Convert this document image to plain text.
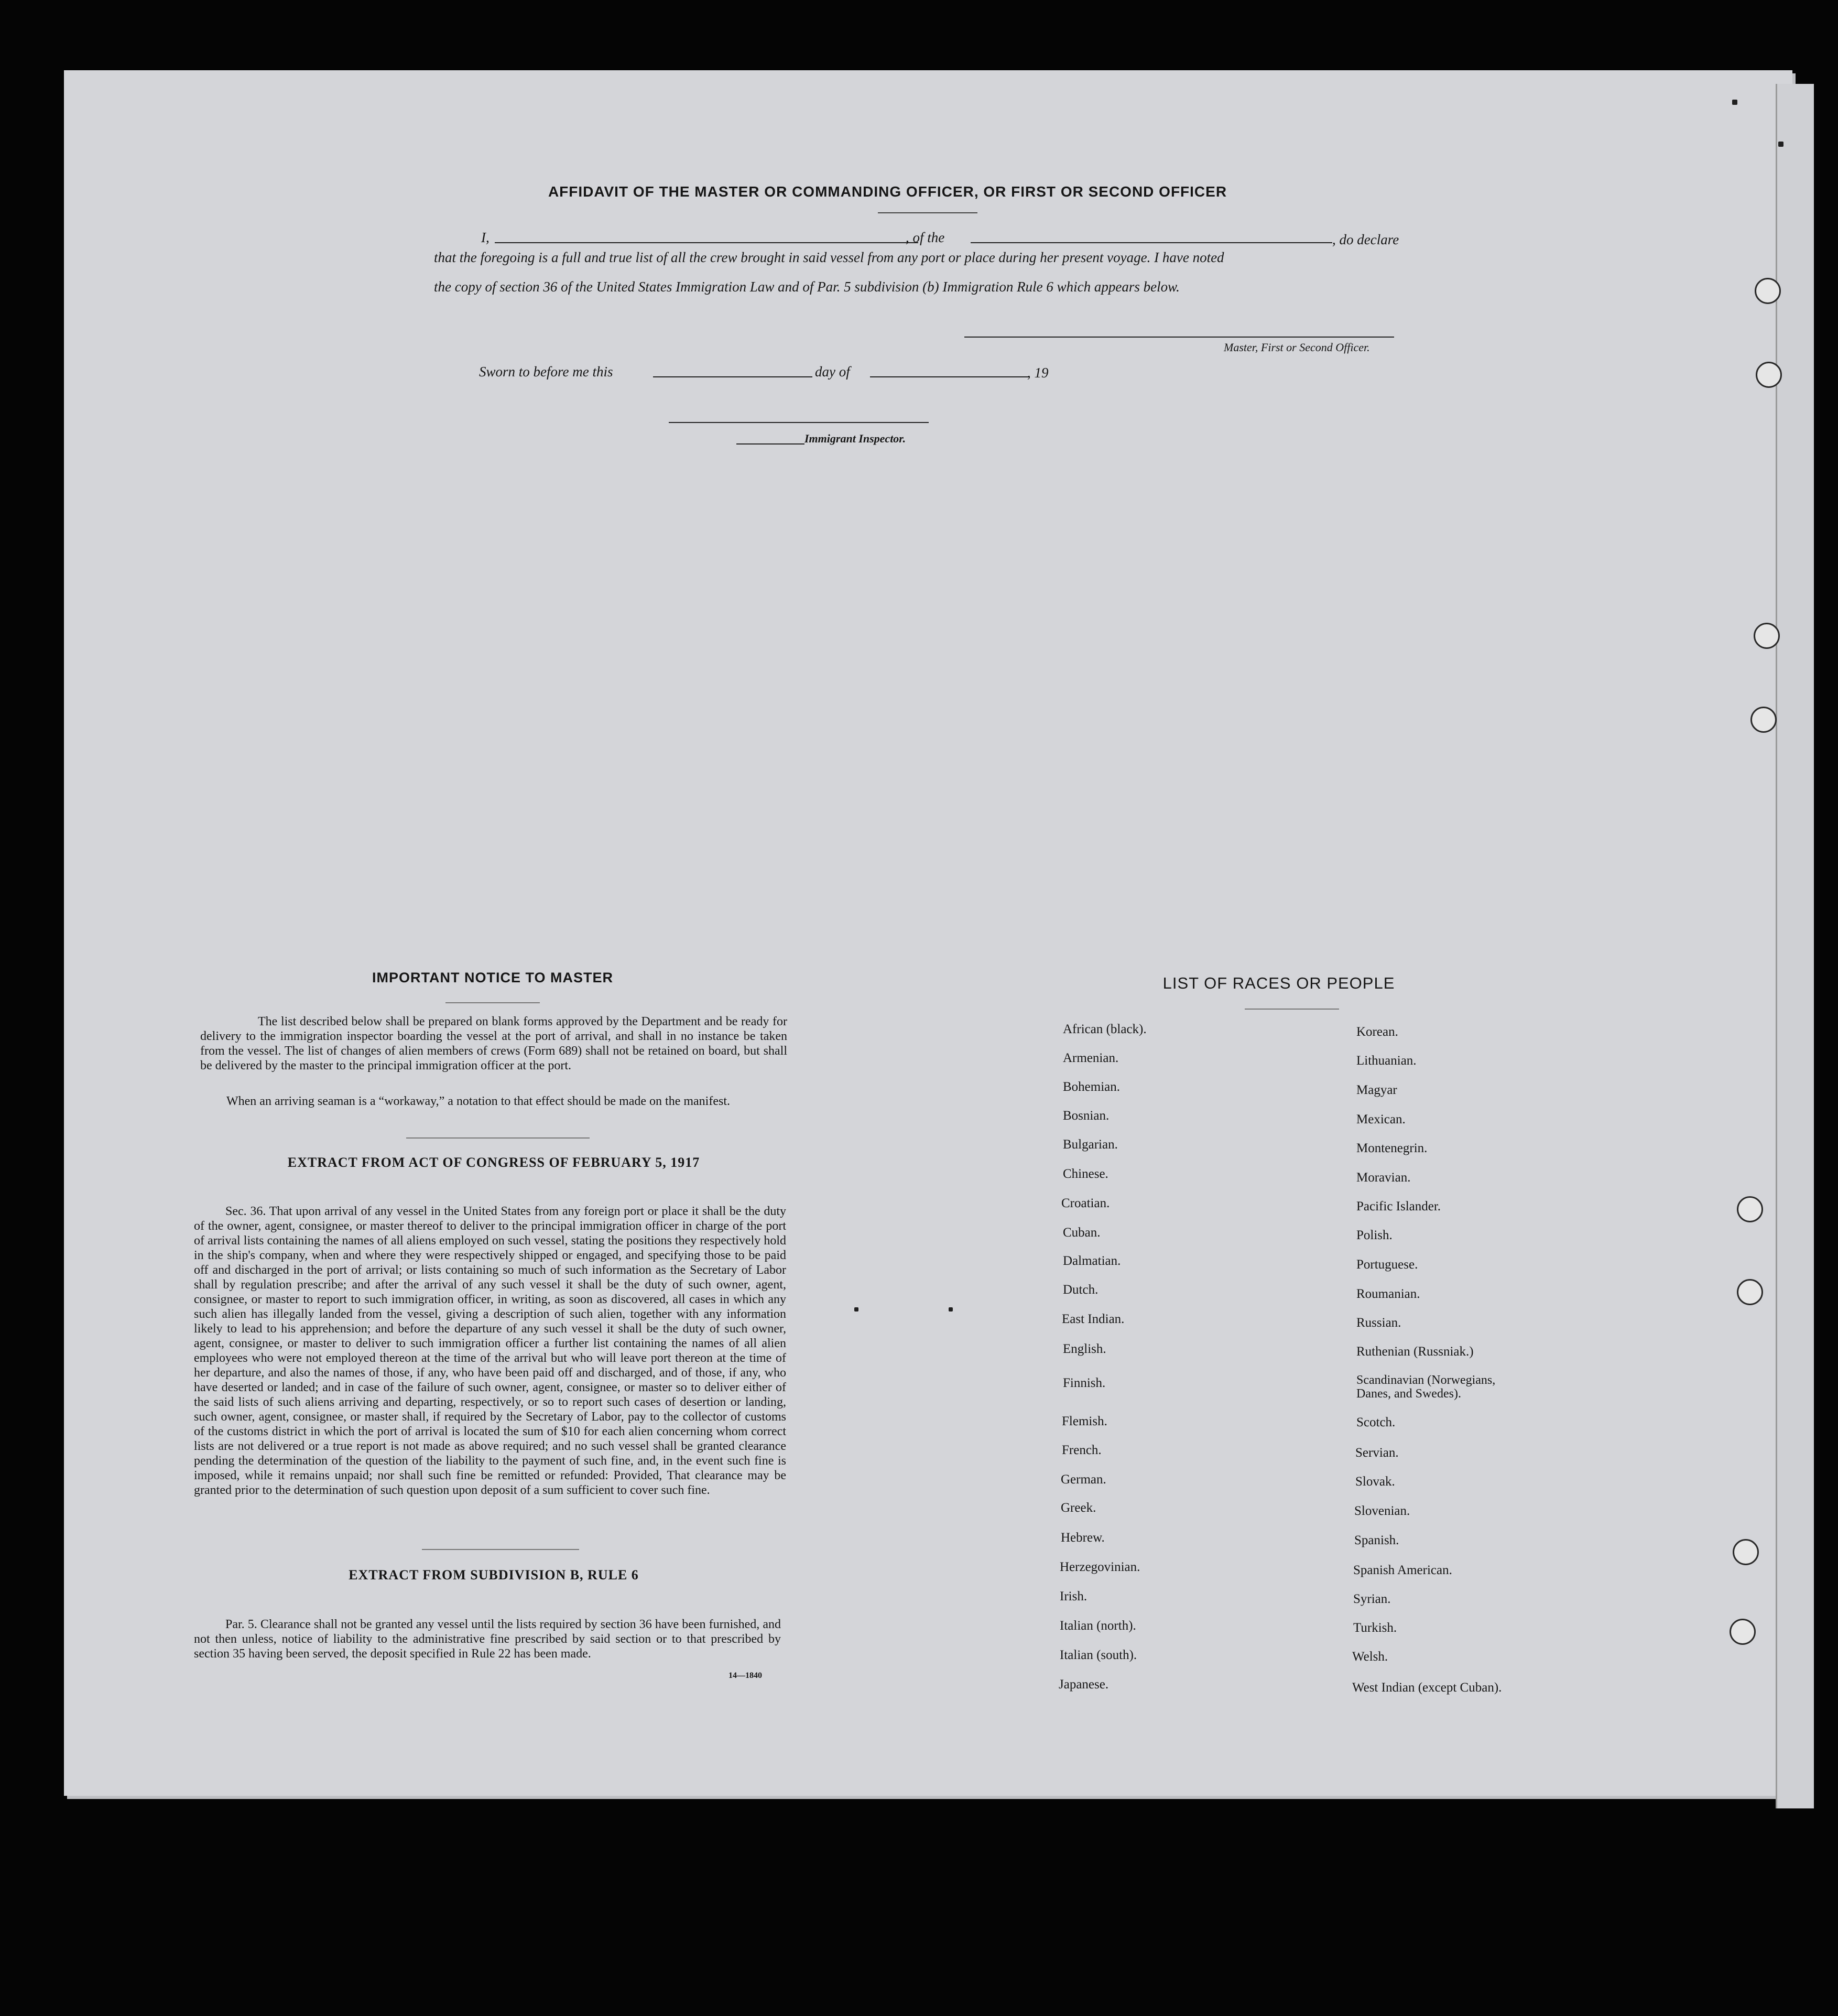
AFFIDAVIT OF THE MASTER OR COMMANDING OFFICER, OR FIRST OR SECOND OFFICER
I,	, of the	, do declare
that the foregoing is a full and true list of all the crew brought in said vessel from any port or place during her present voyage. I have noted
the copy of section 36 of the United States Immigration Law and of Par. 5 subdivision (b) Immigration Rule 6 which appears below.
Master, First or Second Officer.
Sworn to before me this	day of	, 19
Immigrant Inspector.
IMPORTANT NOTICE TO MASTER
The list described below shall be prepared on blank forms approved by the Department and be ready for delivery to the immigration inspector boarding the vessel at the port of arrival, and shall in no instance be taken from the vessel. The list of changes of alien members of crews (Form 689) shall not be retained on board, but shall be delivered by the master to the principal immigration officer at the port.
When an arriving seaman is a “workaway,” a notation to that effect should be made on the manifest.
EXTRACT FROM ACT OF CONGRESS OF FEBRUARY 5, 1917
Sec. 36. That upon arrival of any vessel in the United States from any foreign port or place it shall be the duty of the owner, agent, consignee, or master thereof to deliver to the principal immigration officer in charge of the port of arrival lists containing the names of all aliens employed on such vessel, stating the positions they respectively hold in the ship's company, when and where they were respectively shipped or engaged, and specifying those to be paid off and discharged in the port of arrival; or lists containing so much of such information as the Secretary of Labor shall by regulation prescribe; and after the arrival of any such vessel it shall be the duty of such owner, agent, consignee, or master to report to such immigration officer, in writing, as soon as discovered, all cases in which any such alien has illegally landed from the vessel, giving a description of such alien, together with any information likely to lead to his apprehension; and before the departure of any such vessel it shall be the duty of such owner, agent, consignee, or master to deliver to such immigration officer a further list containing the names of all alien employees who were not employed thereon at the time of the arrival but who will leave port thereon at the time of her departure, and also the names of those, if any, who have been paid off and discharged, and of those, if any, who have deserted or landed; and in case of the failure of such owner, agent, consignee, or master so to deliver either of the said lists of such aliens arriving and departing, respectively, or so to report such cases of desertion or landing, such owner, agent, consignee, or master shall, if required by the Secretary of Labor, pay to the collector of customs of the customs district in which the port of arrival is located the sum of $10 for each alien concerning whom correct lists are not delivered or a true report is not made as above required; and no such vessel shall be granted clearance pending the determination of the question of the liability to the payment of such fine, and, in the event such fine is imposed, while it remains unpaid; nor shall such fine be remitted or refunded: Provided, That clearance may be granted prior to the determination of such question upon deposit of a sum sufficient to cover such fine.
EXTRACT FROM SUBDIVISION B, RULE 6
Par. 5. Clearance shall not be granted any vessel until the lists required by section 36 have been furnished, and not then unless, notice of liability to the administrative fine prescribed by said section or to that prescribed by section 35 having been served, the deposit specified in Rule 22 has been made.
14—1840
LIST OF RACES OR PEOPLE
African (black).
Armenian.
Bohemian.
Bosnian.
Bulgarian.
Chinese.
Croatian.
Cuban.
Dalmatian.
Dutch.
East Indian.
English.
Finnish.
Flemish.
French.
German.
Greek.
Hebrew.
Herzegovinian.
Irish.
Italian (north).
Italian (south).
Japanese.
Korean.
Lithuanian.
Magyar
Mexican.
Montenegrin.
Moravian.
Pacific Islander.
Polish.
Portuguese.
Roumanian.
Russian.
Ruthenian (Russniak.)
Scandinavian (Norwegians, Danes, and Swedes).
Scotch.
Servian.
Slovak.
Slovenian.
Spanish.
Spanish American.
Syrian.
Turkish.
Welsh.
West Indian (except Cuban).
